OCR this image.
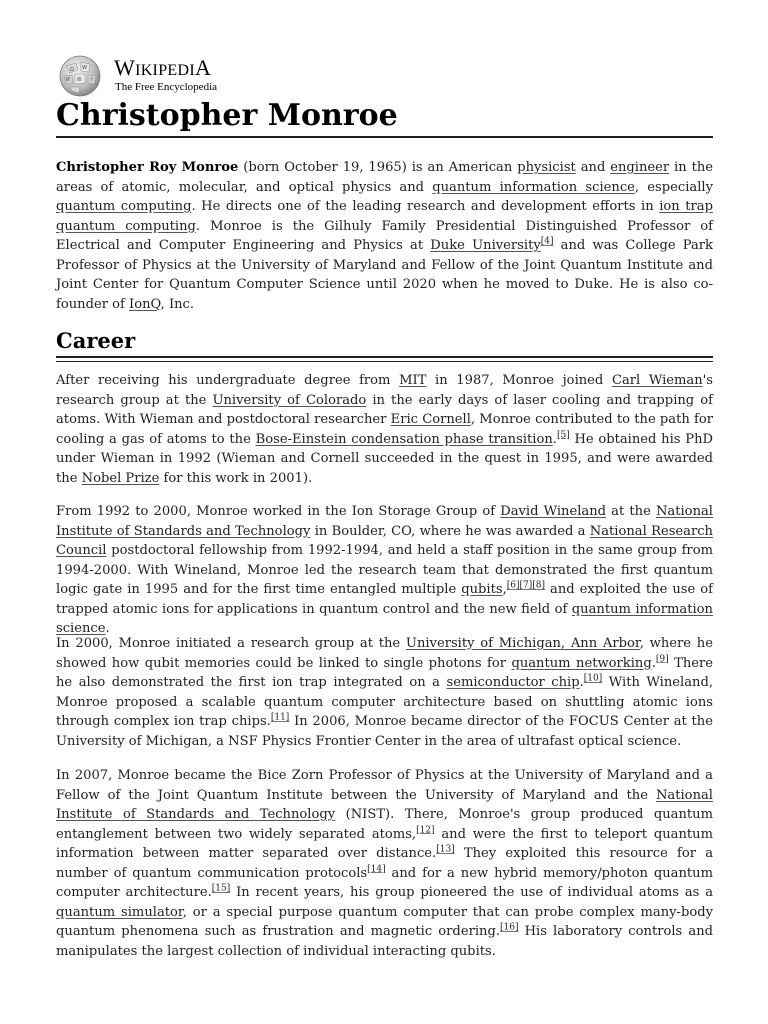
Ω W
維
И	ウ WIKIPEDIA
The Free Encyclopedia
Christopher Monroe

Christopher Roy Monroe (born October 19, 1965) is an American physicist and engineer in the areas of atomic, molecular, and optical physics and quantum information science, especially quantum computing. He directs one of the leading research and development efforts in ion trap quantum computing. Monroe is the Gilhuly Family Presidential Distinguished Professor of Electrical and Computer Engineering and Physics at Duke University[4] and was College Park Professor of Physics at the University of Maryland and Fellow of the Joint Quantum Institute and Joint Center for Quantum Computer Science until 2020 when he moved to Duke. He is also co-founder of IonQ, Inc.

Career

After receiving his undergraduate degree from MIT in 1987, Monroe joined Carl Wieman's research group at the University of Colorado in the early days of laser cooling and trapping of atoms. With Wieman and postdoctoral researcher Eric Cornell, Monroe contributed to the path for cooling a gas of atoms to the Bose-Einstein condensation phase transition.[5] He obtained his PhD under Wieman in 1992 (Wieman and Cornell succeeded in the quest in 1995, and were awarded the Nobel Prize for this work in 2001).

From 1992 to 2000, Monroe worked in the Ion Storage Group of David Wineland at the National Institute of Standards and Technology in Boulder, CO, where he was awarded a National Research Council postdoctoral fellowship from 1992-1994, and held a staff position in the same group from 1994-2000. With Wineland, Monroe led the research team that demonstrated the first quantum logic gate in 1995 and for the first time entangled multiple qubits,[6][7][8] and exploited the use of trapped atomic ions for applications in quantum control and the new field of quantum information science.

In 2000, Monroe initiated a research group at the University of Michigan, Ann Arbor, where he showed how qubit memories could be linked to single photons for quantum networking.[9] There he also demonstrated the first ion trap integrated on a semiconductor chip.[10] With Wineland, Monroe proposed a scalable quantum computer architecture based on shuttling atomic ions through complex ion trap chips.[11] In 2006, Monroe became director of the FOCUS Center at the University of Michigan, a NSF Physics Frontier Center in the area of ultrafast optical science.

In 2007, Monroe became the Bice Zorn Professor of Physics at the University of Maryland and a Fellow of the Joint Quantum Institute between the University of Maryland and the National Institute of Standards and Technology (NIST). There, Monroe's group produced quantum entanglement between two widely separated atoms,[12] and were the first to teleport quantum information between matter separated over distance.[13] They exploited this resource for a number of quantum communication protocols[14] and for a new hybrid memory/photon quantum computer architecture.[15] In recent years, his group pioneered the use of individual atoms as a quantum simulator, or a special purpose quantum computer that can probe complex many-body quantum phenomena such as frustration and magnetic ordering.[16] His laboratory controls and manipulates the largest collection of individual interacting qubits.
